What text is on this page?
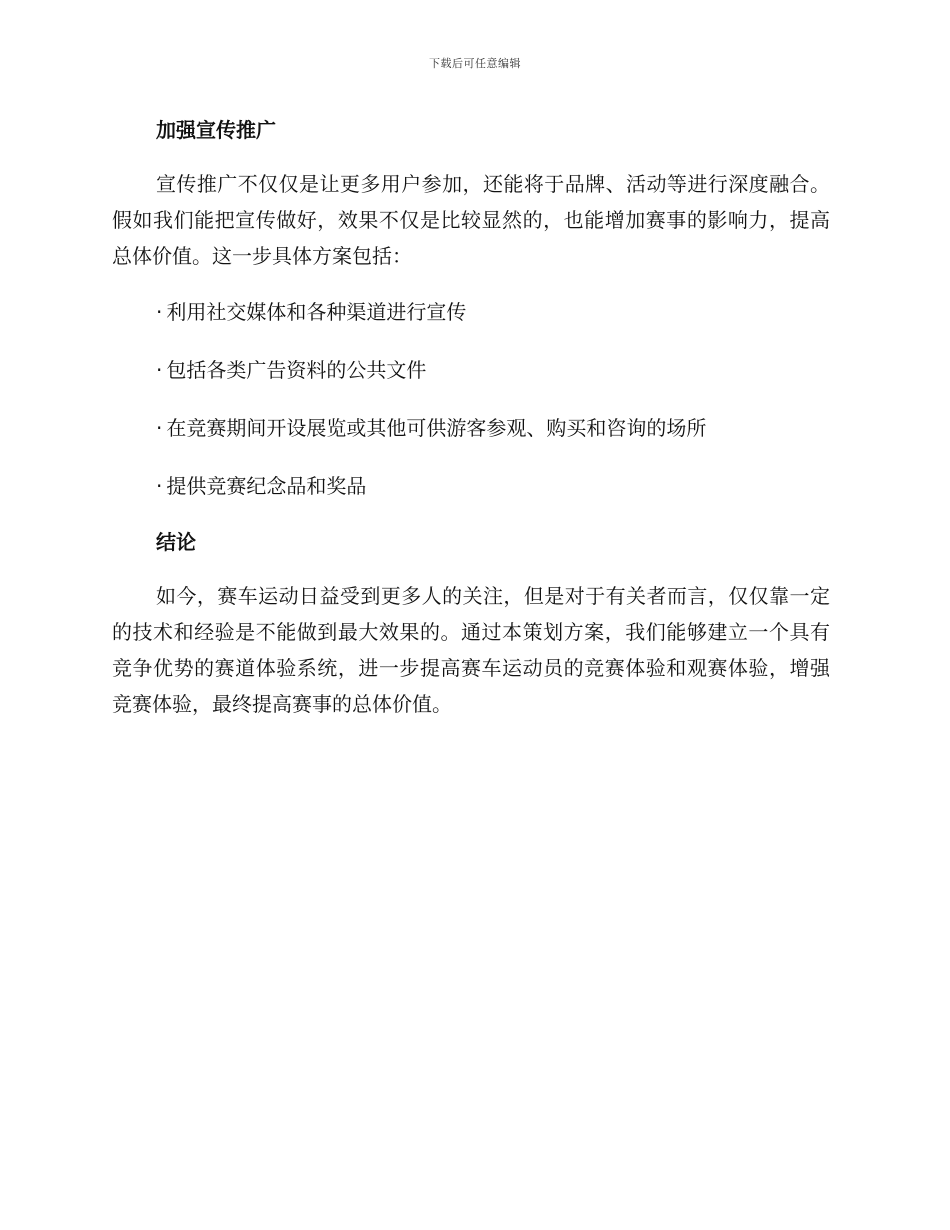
下载后可任意编辑
加强宣传推广

宣传推广不仅仅是让更多用户参加，还能将于品牌、活动等进行深度融合。假如我们能把宣传做好，效果不仅是比较显然的，也能增加赛事的影响力，提高总体价值。这一步具体方案包括：

· 利用社交媒体和各种渠道进行宣传
· 包括各类广告资料的公共文件
· 在竞赛期间开设展览或其他可供游客参观、购买和咨询的场所
· 提供竞赛纪念品和奖品
结论

如今，赛车运动日益受到更多人的关注，但是对于有关者而言，仅仅靠一定的技术和经验是不能做到最大效果的。通过本策划方案，我们能够建立一个具有竞争优势的赛道体验系统，进一步提高赛车运动员的竞赛体验和观赛体验，增强竞赛体验，最终提高赛事的总体价值。
